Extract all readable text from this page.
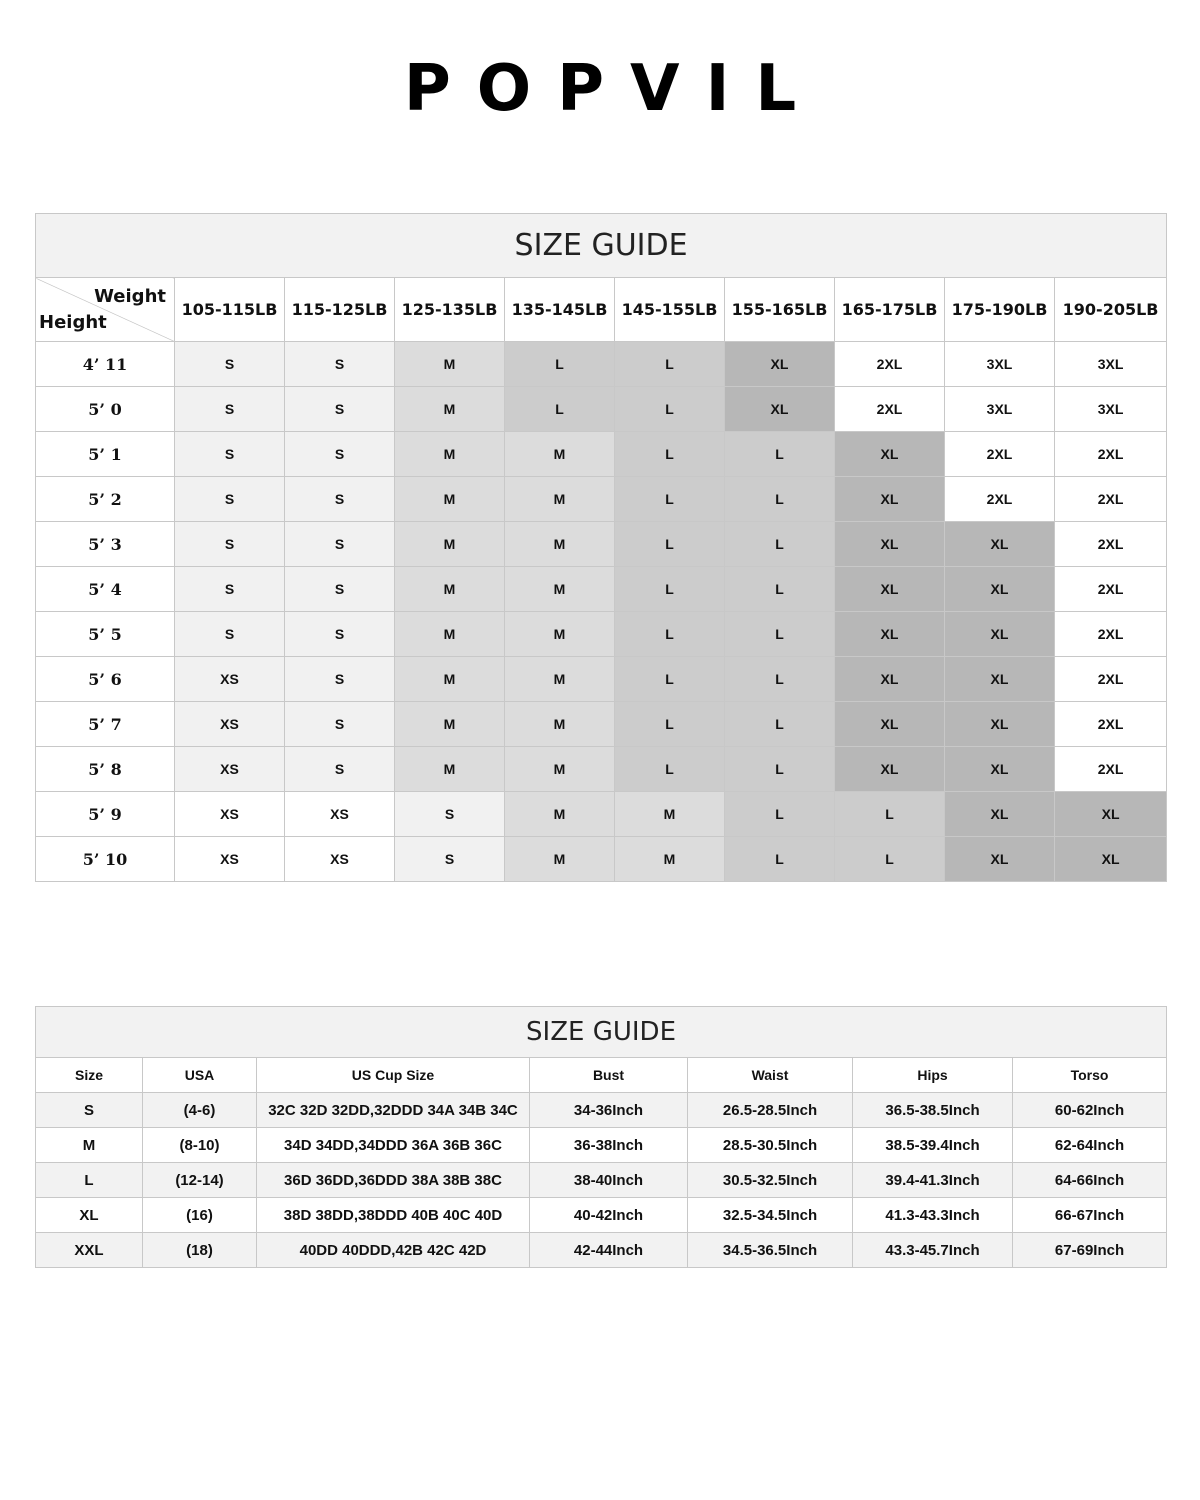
POPVIL
SIZE GUIDE									

Weight
Height	105-115LB	115-125LB	125-135LB	135-145LB	145-155LB	155-165LB	165-175LB	175-190LB	190-205LB
4’ 11	S	S	M	L	L	XL	2XL	3XL	3XL
5’ 0	S	S	M	L	L	XL	2XL	3XL	3XL
5’ 1	S	S	M	M	L	L	XL	2XL	2XL
5’ 2	S	S	M	M	L	L	XL	2XL	2XL
5’ 3	S	S	M	M	L	L	XL	XL	2XL
5’ 4	S	S	M	M	L	L	XL	XL	2XL
5’ 5	S	S	M	M	L	L	XL	XL	2XL
5’ 6	XS	S	M	M	L	L	XL	XL	2XL
5’ 7	XS	S	M	M	L	L	XL	XL	2XL
5’ 8	XS	S	M	M	L	L	XL	XL	2XL
5’ 9	XS	XS	S	M	M	L	L	XL	XL
5’ 10	XS	XS	S	M	M	L	L	XL	XL
SIZE GUIDE						
Size	USA	US Cup Size	Bust	Waist	Hips	Torso
S	(4-6)	32C 32D 32DD,32DDD 34A 34B 34C	34-36Inch	26.5-28.5Inch	36.5-38.5Inch	60-62Inch
M	(8-10)	34D 34DD,34DDD 36A 36B 36C	36-38Inch	28.5-30.5Inch	38.5-39.4Inch	62-64Inch
L	(12-14)	36D 36DD,36DDD 38A 38B 38C	38-40Inch	30.5-32.5Inch	39.4-41.3Inch	64-66Inch
XL	(16)	38D 38DD,38DDD 40B 40C 40D	40-42Inch	32.5-34.5Inch	41.3-43.3Inch	66-67Inch
XXL	(18)	40DD 40DDD,42B 42C 42D	42-44Inch	34.5-36.5Inch	43.3-45.7Inch	67-69Inch
